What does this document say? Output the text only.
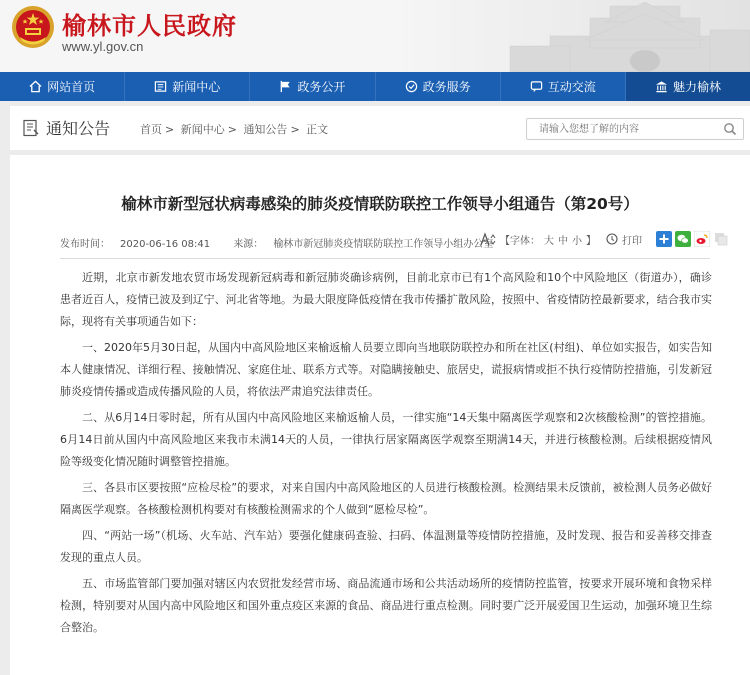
榆林市人民政府
www.yl.gov.cn
网站首页	新闻中心	政务公开	政务服务	互动交流	魅力榆林
通知公告	首页 > 新闻中心 > 通知公告 > 正文
请输入您想了解的内容
榆林市新型冠状病毒感染的肺炎疫情联防联控工作领导小组通告（第20号）
发布时间： 2020-06-16 08:41 来源： 榆林市新冠肺炎疫情联防联控工作领导小组办公室 【字体： 大 中 小 】	打印

近期，北京市新发地农贸市场发现新冠病毒和新冠肺炎确诊病例，目前北京市已有1个高风险和10个中风险地区（街道办），确诊患者近百人，疫情已波及到辽宁、河北省等地。为最大限度降低疫情在我市传播扩散风险，按照中、省疫情防控最新要求，结合我市实际，现将有关事项通告如下：

一、2020年5月30日起，从国内中高风险地区来榆返榆人员要立即向当地联防联控办和所在社区(村组)、单位如实报告，如实告知本人健康情况、详细行程、接触情况、家庭住址、联系方式等。对隐瞒接触史、旅居史，谎报病情或拒不执行疫情防控措施，引发新冠肺炎疫情传播或造成传播风险的人员，将依法严肃追究法律责任。

二、从6月14日零时起，所有从国内中高风险地区来榆返榆人员，一律实施“14天集中隔离医学观察和2次核酸检测”的管控措施。6月14日前从国内中高风险地区来我市未满14天的人员，一律执行居家隔离医学观察至期满14天，并进行核酸检测。后续根据疫情风险等级变化情况随时调整管控措施。

三、各县市区要按照“应检尽检”的要求，对来自国内中高风险地区的人员进行核酸检测。检测结果未反馈前，被检测人员务必做好隔离医学观察。各核酸检测机构要对有核酸检测需求的个人做到“愿检尽检”。

四、“两站一场”（机场、火车站、汽车站）要强化健康码查验、扫码、体温测量等疫情防控措施，及时发现、报告和妥善移交排查发现的重点人员。

五、市场监管部门要加强对辖区内农贸批发经营市场、商品流通市场和公共活动场所的疫情防控监管，按要求开展环境和食物采样检测，特别要对从国内高中风险地区和国外重点疫区来源的食品、商品进行重点检测。同时要广泛开展爱国卫生运动，加强环境卫生综合整治。
